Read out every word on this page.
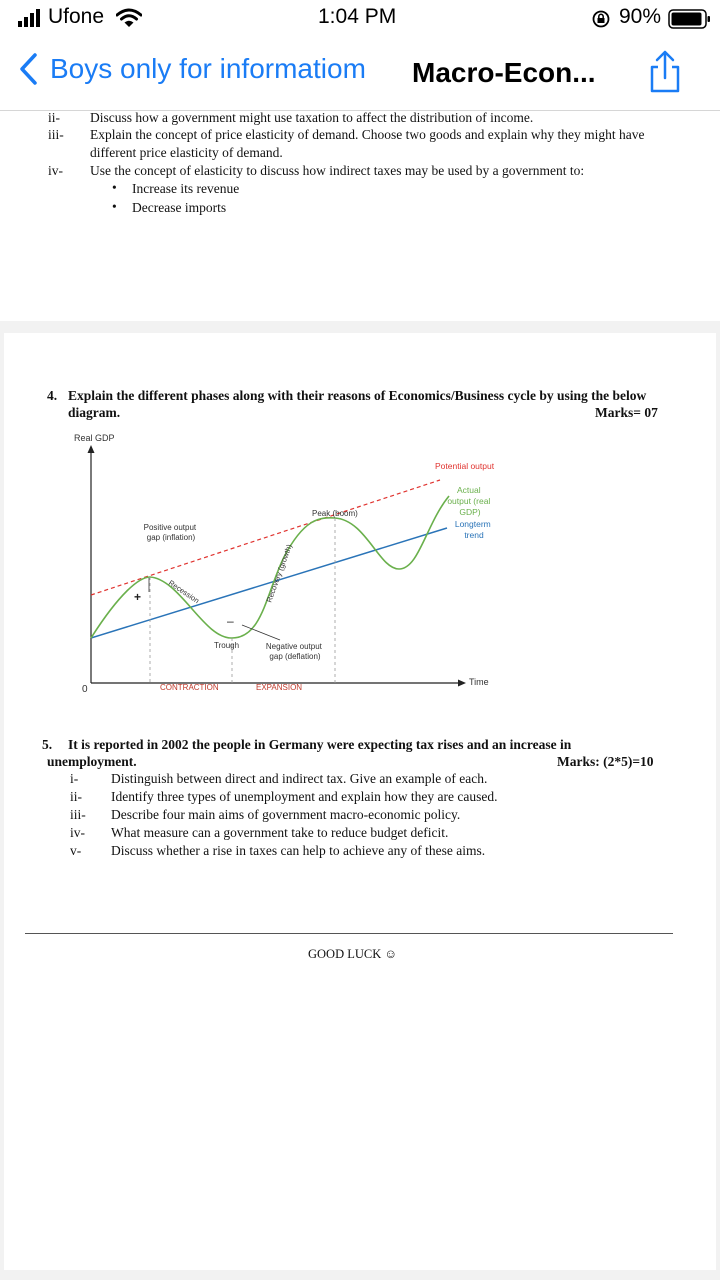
Ufone	1:04 PM	90%
Boys only for informatiom Macro-Econ...
ii- Discuss how a government might use taxation to affect the distribution of income.
iii- Explain the concept of price elasticity of demand. Choose two goods and explain why they might have
different price elasticity of demand.
iv- Use the concept of elasticity to discuss how indirect taxes may be used by a government to:
• Increase its revenue
• Decrease imports
4. Explain the different phases along with their reasons of Economics/Business cycle by using the below
diagram.	Marks= 07
Real GDP
0
Time
Potential output
Actual output (real GDP)
Longterm trend
Peak (boom)
Positive output gap (inflation)
+
–
Trough	Negative output gap (deflation)
Recession	Recovery (growth)
CONTRACTION	EXPANSION
5. It is reported in 2002 the people in Germany were expecting tax rises and an increase in
unemployment.	Marks: (2*5)=10
i- Distinguish between direct and indirect tax. Give an example of each.
ii- Identify three types of unemployment and explain how they are caused.
iii- Describe four main aims of government macro-economic policy.
iv- What measure can a government take to reduce budget deficit.
v- Discuss whether a rise in taxes can help to achieve any of these aims.
GOOD LUCK ☺
